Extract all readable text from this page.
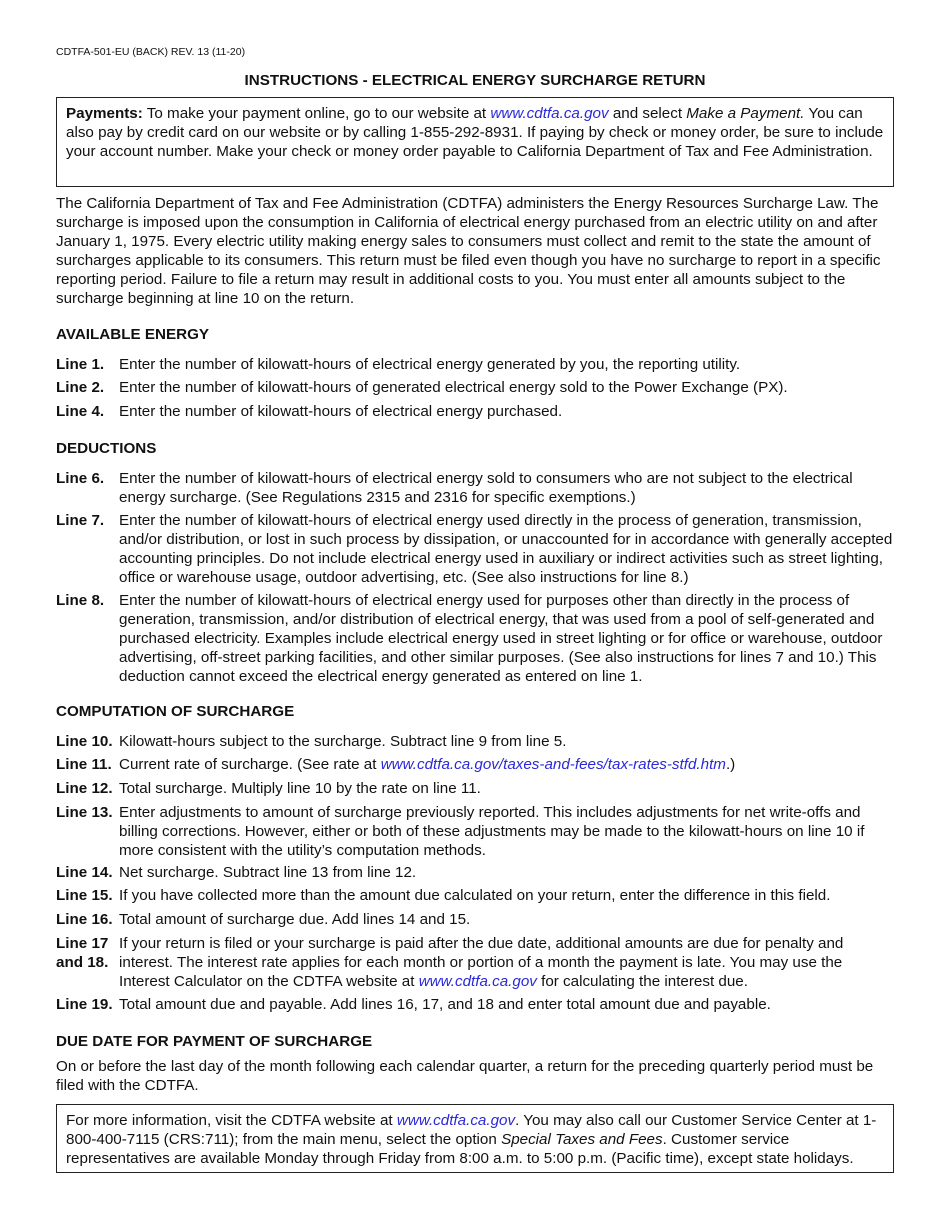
CDTFA-501-EU (BACK) REV. 13 (11-20)
INSTRUCTIONS - ELECTRICAL ENERGY SURCHARGE RETURN
Payments: To make your payment online, go to our website at www.cdtfa.ca.gov and select Make a Payment. You can also pay by credit card on our website or by calling 1-855-292-8931. If paying by check or money order, be sure to include your account number. Make your check or money order payable to California Department of Tax and Fee Administration.
The California Department of Tax and Fee Administration (CDTFA) administers the Energy Resources Surcharge Law. The surcharge is imposed upon the consumption in California of electrical energy purchased from an electric utility on and after January 1, 1975. Every electric utility making energy sales to consumers must collect and remit to the state the amount of surcharges applicable to its consumers. This return must be filed even though you have no surcharge to report in a specific reporting period. Failure to file a return may result in additional costs to you. You must enter all amounts subject to the surcharge beginning at line 10 on the return.
AVAILABLE ENERGY
Line 1. Enter the number of kilowatt-hours of electrical energy generated by you, the reporting utility.
Line 2. Enter the number of kilowatt-hours of generated electrical energy sold to the Power Exchange (PX).
Line 4. Enter the number of kilowatt-hours of electrical energy purchased.
DEDUCTIONS
Line 6. Enter the number of kilowatt-hours of electrical energy sold to consumers who are not subject to the electrical energy surcharge. (See Regulations 2315 and 2316 for specific exemptions.)
Line 7. Enter the number of kilowatt-hours of electrical energy used directly in the process of generation, transmission, and/or distribution, or lost in such process by dissipation, or unaccounted for in accordance with generally accepted accounting principles. Do not include electrical energy used in auxiliary or indirect activities such as street lighting, office or warehouse usage, outdoor advertising, etc. (See also instructions for line 8.)
Line 8. Enter the number of kilowatt-hours of electrical energy used for purposes other than directly in the process of generation, transmission, and/or distribution of electrical energy, that was used from a pool of self-generated and purchased electricity. Examples include electrical energy used in street lighting or for office or warehouse, outdoor advertising, off-street parking facilities, and other similar purposes. (See also instructions for lines 7 and 10.) This deduction cannot exceed the electrical energy generated as entered on line 1.
COMPUTATION OF SURCHARGE
Line 10. Kilowatt-hours subject to the surcharge. Subtract line 9 from line 5.
Line 11. Current rate of surcharge. (See rate at www.cdtfa.ca.gov/taxes-and-fees/tax-rates-stfd.htm.)
Line 12. Total surcharge. Multiply line 10 by the rate on line 11.
Line 13. Enter adjustments to amount of surcharge previously reported. This includes adjustments for net write-offs and billing corrections. However, either or both of these adjustments may be made to the kilowatt-hours on line 10 if more consistent with the utility’s computation methods.
Line 14. Net surcharge. Subtract line 13 from line 12.
Line 15. If you have collected more than the amount due calculated on your return, enter the difference in this field.
Line 16. Total amount of surcharge due. Add lines 14 and 15.
Line 17
and 18.
If your return is filed or your surcharge is paid after the due date, additional amounts are due for penalty and interest. The interest rate applies for each month or portion of a month the payment is late. You may use the Interest Calculator on the CDTFA website at www.cdtfa.ca.gov for calculating the interest due.
Line 19. Total amount due and payable. Add lines 16, 17, and 18 and enter total amount due and payable.
DUE DATE FOR PAYMENT OF SURCHARGE
On or before the last day of the month following each calendar quarter, a return for the preceding quarterly period must be filed with the CDTFA.
For more information, visit the CDTFA website at www.cdtfa.ca.gov. You may also call our Customer Service Center at 1-800-400-7115 (CRS:711); from the main menu, select the option Special Taxes and Fees. Customer service representatives are available Monday through Friday from 8:00 a.m. to 5:00 p.m. (Pacific time), except state holidays.
